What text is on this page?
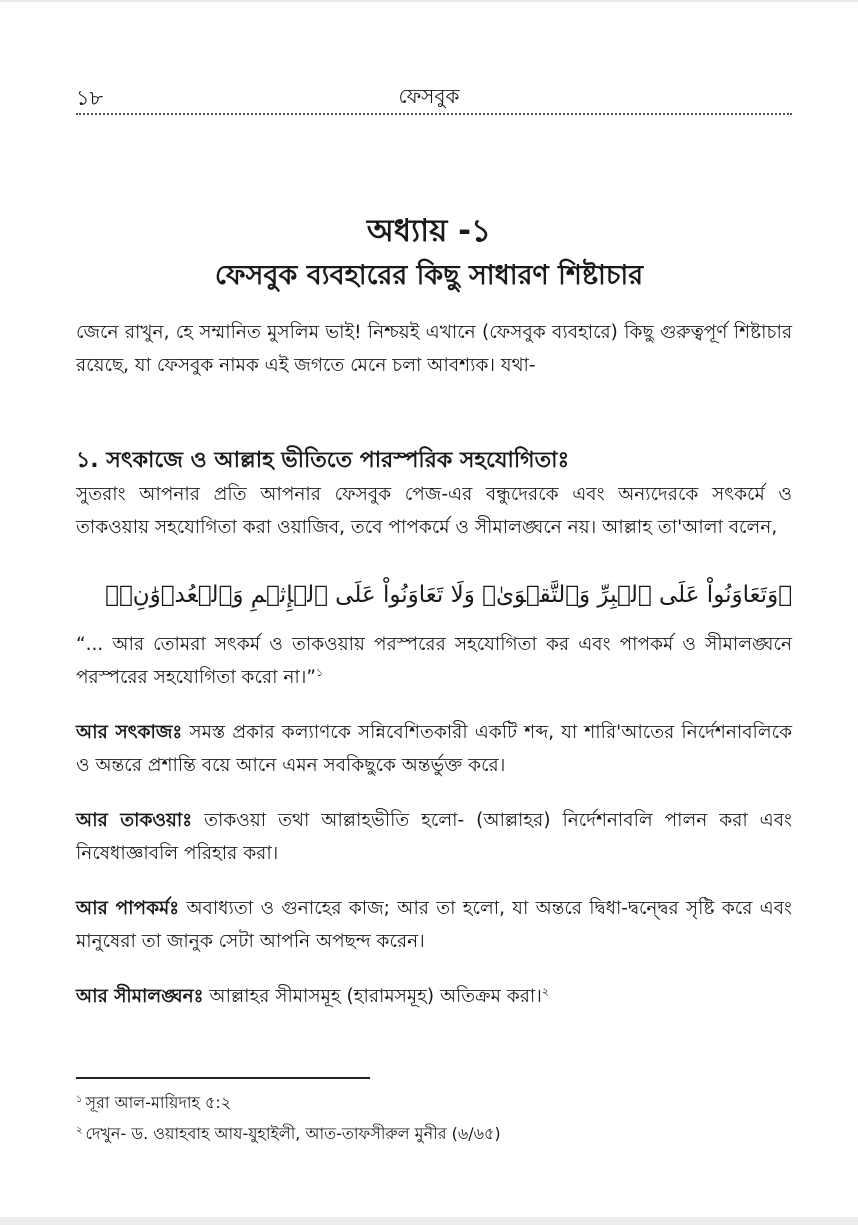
১৮	ফেসবুক
অধ্যায় -১
ফেসবুক ব্যবহারের কিছু সাধারণ শিষ্টাচার
জেনে রাখুন, হে সম্মানিত মুসলিম ভাই! নিশ্চয়ই এখানে (ফেসবুক ব্যবহারে) কিছু গুরুত্বপূর্ণ শিষ্টাচার রয়েছে, যা ফেসবুক নামক এই জগতে মেনে চলা আবশ্যক। যথা-
১. সৎকাজে ও আল্লাহ ভীতিতে পারস্পরিক সহযোগিতাঃ
সুতরাং আপনার প্রতি আপনার ফেসবুক পেজ-এর বন্ধুদেরকে এবং অন্যদেরকে সৎকর্মে ও তাকওয়ায় সহযোগিতা করা ওয়াজিব, তবে পাপকর্মে ও সীমালঙ্ঘনে নয়। আল্লাহ তা'আলা বলেন,
﴿وَتَعَاوَنُواْ عَلَى ٱلۡبِرِّ وَٱلتَّقۡوَىٰۖ وَلَا تَعَاوَنُواْ عَلَى ٱلۡإِثۡمِ وَٱلۡعُدۡوَٰنِۚ﴾
“... আর তোমরা সৎকর্ম ও তাকওয়ায় পরস্পরের সহযোগিতা কর এবং পাপকর্ম ও সীমালঙ্ঘনে পরস্পরের সহযোগিতা করো না।”$^১$
আর সৎকাজঃ সমস্ত প্রকার কল্যাণকে সন্নিবেশিতকারী একটি শব্দ, যা শারি'আতের নির্দেশনাবলিকে ও অন্তরে প্রশান্তি বয়ে আনে এমন সবকিছুকে অন্তর্ভুক্ত করে।
আর তাকওয়াঃ তাকওয়া তথা আল্লাহভীতি হলো- (আল্লাহর) নির্দেশনাবলি পালন করা এবং নিষেধাজ্ঞাবলি পরিহার করা।
আর পাপকর্মঃ অবাধ্যতা ও গুনাহের কাজ; আর তা হলো, যা অন্তরে দ্বিধা-দ্বন্দ্বের সৃষ্টি করে এবং মানুষেরা তা জানুক সেটা আপনি অপছন্দ করেন।
আর সীমালঙ্ঘনঃ আল্লাহর সীমাসমূহ (হারামসমূহ) অতিক্রম করা।$^২$
$^১$ সূরা আল-মায়িদাহ ৫:২
$^২$ দেখুন- ড. ওয়াহবাহ আয-যুহাইলী, আত-তাফসীরুল মুনীর (৬/৬৫)
